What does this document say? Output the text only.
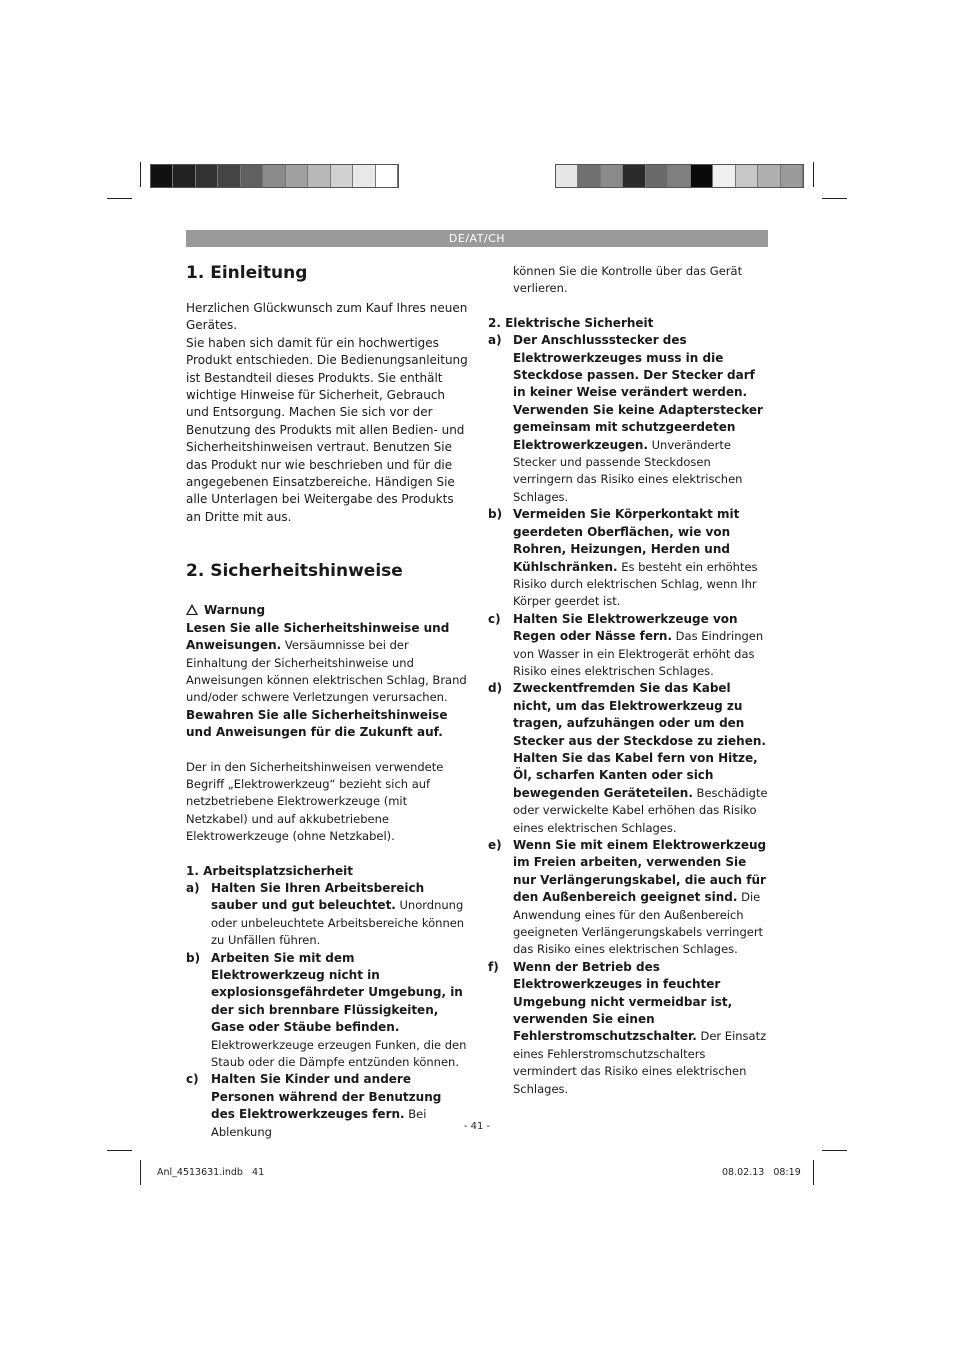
DE/AT/CH
1. Einleitung

Herzlichen Glückwunsch zum Kauf Ihres neuen Gerätes.

Sie haben sich damit für ein hochwertiges Produkt entschieden. Die Bedienungsanleitung ist Bestandteil dieses Produkts. Sie enthält wichtige Hinweise für Sicherheit, Gebrauch und Entsorgung. Machen Sie sich vor der Benutzung des Produkts mit allen Bedien- und Sicherheitshinweisen vertraut. Benutzen Sie das Produkt nur wie beschrieben und für die angegebenen Einsatzbereiche. Händigen Sie alle Unterlagen bei Weitergabe des Produkts an Dritte mit aus.

2. Sicherheitshinweise

Warnung

Lesen Sie alle Sicherheitshinweise und Anweisungen. Versäumnisse bei der Einhaltung der Sicherheitshinweise und Anweisungen können elektrischen Schlag, Brand und/oder schwere Verletzungen verursachen. Bewahren Sie alle Sicherheitshinweise und Anweisungen für die Zukunft auf.

Der in den Sicherheitshinweisen verwendete Begriff „Elektrowerkzeug“ bezieht sich auf netzbetriebene Elektrowerkzeuge (mit Netzkabel) und auf akkubetriebene Elektrowerkzeuge (ohne Netzkabel).

1. Arbeitsplatzsicherheit

a) Halten Sie Ihren Arbeitsbereich sauber und gut beleuchtet. Unordnung oder unbeleuchtete Arbeitsbereiche können zu Unfällen führen.
b) Arbeiten Sie mit dem Elektrowerkzeug nicht in explosionsgefährdeter Umgebung, in der sich brennbare Flüssigkeiten, Gase oder Stäube befinden. Elektrowerkzeuge erzeugen Funken, die den Staub oder die Dämpfe entzünden können.
c)	Halten Sie Kinder und andere Personen während der Benutzung des Elektrowerkzeuges fern. Bei Ablenkung
können Sie die Kontrolle über das Gerät verlieren.

2. Elektrische Sicherheit

a) Der Anschlussstecker des Elektrowerkzeuges muss in die Steckdose passen. Der Stecker darf in keiner Weise verändert werden. Verwenden Sie keine Adapterstecker gemeinsam mit schutzgeerdeten Elektrowerkzeugen. Unveränderte Stecker und passende Steckdosen verringern das Risiko eines elektrischen Schlages.
b) Vermeiden Sie Körperkontakt mit geerdeten Oberflächen, wie von Rohren, Heizungen, Herden und Kühlschränken. Es besteht ein erhöhtes Risiko durch elektrischen Schlag, wenn Ihr Körper geerdet ist.
c)	Halten Sie Elektrowerkzeuge von Regen oder Nässe fern. Das Eindringen von Wasser in ein Elektrogerät erhöht das Risiko eines elektrischen Schlages.
d) Zweckentfremden Sie das Kabel nicht, um das Elektrowerkzeug zu tragen, aufzuhängen oder um den Stecker aus der Steckdose zu ziehen. Halten Sie das Kabel fern von Hitze, Öl, scharfen Kanten oder sich bewegenden Geräteteilen. Beschädigte oder verwickelte Kabel erhöhen das Risiko eines elektrischen Schlages.
e) Wenn Sie mit einem Elektrowerkzeug im Freien arbeiten, verwenden Sie nur Verlängerungskabel, die auch für den Außenbereich geeignet sind. Die Anwendung eines für den Außenbereich geeigneten Verlängerungskabels verringert das Risiko eines elektrischen Schlages.
f)	Wenn der Betrieb des Elektrowerkzeuges in feuchter Umgebung nicht vermeidbar ist, verwenden Sie einen Fehlerstromschutzschalter. Der Einsatz eines Fehlerstromschutzschalters vermindert das Risiko eines elektrischen Schlages.
- 41 -
Anl_4513631.indb   41	08.02.13   08:19
